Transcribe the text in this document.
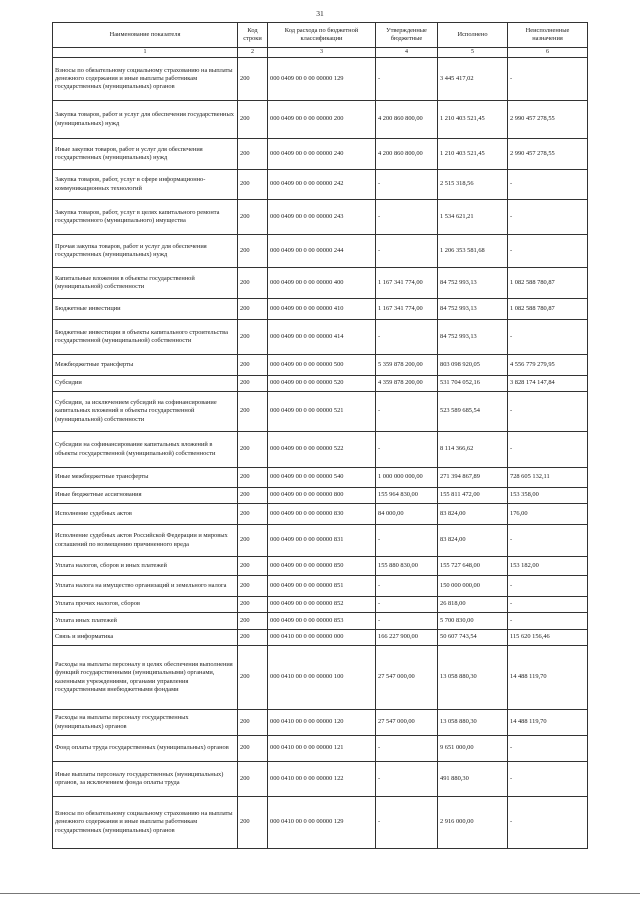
31
Наименование показателя	Код строки	Код расхода по бюджетной классификации	Утвержденные бюджетные	Исполнено	Неисполненные назначения
1	2	3	4	5	6
Взносы по обязательному социальному страхованию на выплаты денежного содержания и иные выплаты работникам государственных (муниципальных) органов	200	000 0409 00 0 00 00000 129	-	3 445 417,02	-
Закупка товаров, работ и услуг для обеспечения государственных (муниципальных) нужд	200	000 0409 00 0 00 00000 200	4 200 860 800,00	1 210 403 521,45	2 990 457 278,55
Иные закупки товаров, работ и услуг для обеспечения государственных (муниципальных) нужд	200	000 0409 00 0 00 00000 240	4 200 860 800,00	1 210 403 521,45	2 990 457 278,55
Закупка товаров, работ, услуг в сфере информационно-коммуникационных технологий	200	000 0409 00 0 00 00000 242	-	2 515 318,56	-
Закупка товаров, работ, услуг в целях капитального ремонта государственного (муниципального) имущества	200	000 0409 00 0 00 00000 243	-	1 534 621,21	-
Прочая закупка товаров, работ и услуг для обеспечения государственных (муниципальных) нужд	200	000 0409 00 0 00 00000 244	-	1 206 353 581,68	-
Капитальные вложения в объекты государственной (муниципальной) собственности	200	000 0409 00 0 00 00000 400	1 167 341 774,00	84 752 993,13	1 082 588 780,87
Бюджетные инвестиции	200	000 0409 00 0 00 00000 410	1 167 341 774,00	84 752 993,13	1 082 588 780,87
Бюджетные инвестиции в объекты капитального строительства государственной (муниципальной) собственности	200	000 0409 00 0 00 00000 414	-	84 752 993,13	-
Межбюджетные трансферты	200	000 0409 00 0 00 00000 500	5 359 878 200,00	803 098 920,05	4 556 779 279,95
Субсидии	200	000 0409 00 0 00 00000 520	4 359 878 200,00	531 704 052,16	3 828 174 147,84
Субсидии, за исключением субсидий на софинансирование капитальных вложений в объекты государственной (муниципальной) собственности	200	000 0409 00 0 00 00000 521	-	523 589 685,54	-
Субсидии на софинансирование капитальных вложений в объекты государственной (муниципальной) собственности	200	000 0409 00 0 00 00000 522	-	8 114 366,62	-
Иные межбюджетные трансферты	200	000 0409 00 0 00 00000 540	1 000 000 000,00	271 394 867,89	728 605 132,11
Иные бюджетные ассигнования	200	000 0409 00 0 00 00000 800	155 964 830,00	155 811 472,00	153 358,00
Исполнение судебных актов	200	000 0409 00 0 00 00000 830	84 000,00	83 824,00	176,00
Исполнение судебных актов Российской Федерации и мировых соглашений по возмещению причиненного вреда	200	000 0409 00 0 00 00000 831	-	83 824,00	-
Уплата налогов, сборов и иных платежей	200	000 0409 00 0 00 00000 850	155 880 830,00	155 727 648,00	153 182,00
Уплата налога на имущество организаций и земельного налога	200	000 0409 00 0 00 00000 851	-	150 000 000,00	-
Уплата прочих налогов, сборов	200	000 0409 00 0 00 00000 852	-	26 818,00	-
Уплата иных платежей	200	000 0409 00 0 00 00000 853	-	5 700 830,00	-
Связь и информатика	200	000 0410 00 0 00 00000 000	166 227 900,00	50 607 743,54	115 620 156,46
Расходы на выплаты персоналу в целях обеспечения выполнения функций государственными (муниципальными) органами, казенными учреждениями, органами управления государственными внебюджетными фондами	200	000 0410 00 0 00 00000 100	27 547 000,00	13 058 880,30	14 488 119,70
Расходы на выплаты персоналу государственных (муниципальных) органов	200	000 0410 00 0 00 00000 120	27 547 000,00	13 058 880,30	14 488 119,70
Фонд оплаты труда государственных (муниципальных) органов	200	000 0410 00 0 00 00000 121	-	9 651 000,00	-
Иные выплаты персоналу государственных (муниципальных) органов, за исключением фонда оплаты труда	200	000 0410 00 0 00 00000 122	-	491 880,30	-
Взносы по обязательному социальному страхованию на выплаты денежного содержания и иные выплаты работникам государственных (муниципальных) органов	200	000 0410 00 0 00 00000 129	-	2 916 000,00	-
